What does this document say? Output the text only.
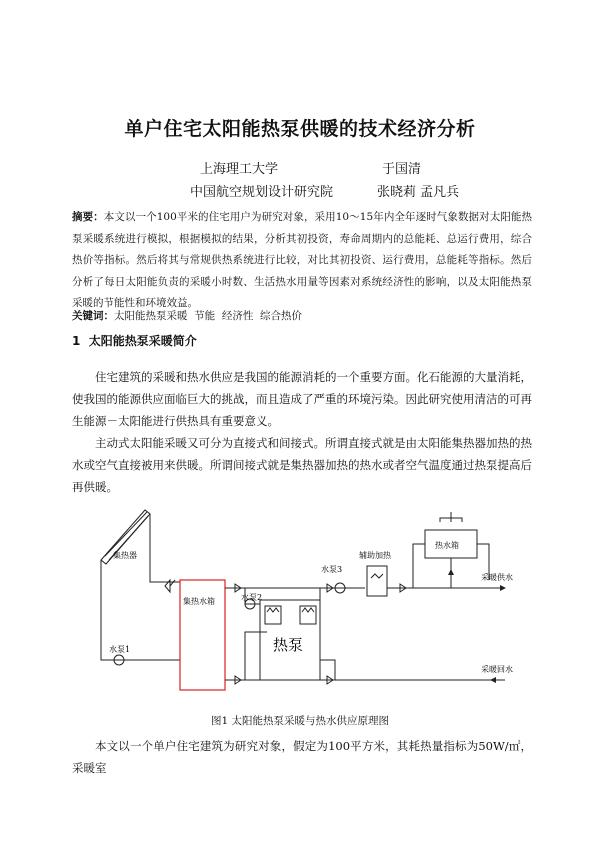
单户住宅太阳能热泵供暖的技术经济分析
上海理工大学	于国清
中国航空规划设计研究院	张晓莉 孟凡兵
摘要：本文以一个100平米的住宅用户为研究对象，采用10～15年内全年逐时气象数据对太阳能热泵采暖系统进行模拟，根据模拟的结果，分析其初投资，寿命周期内的总能耗、总运行费用，综合热价等指标。然后将其与常规供热系统进行比较，对比其初投资、运行费用，总能耗等指标。然后分析了每日太阳能负责的采暖小时数、生活热水用量等因素对系统经济性的影响，以及太阳能热泵采暖的节能性和环境效益。
关键词：太阳能热泵采暖  节能  经济性  综合热价
1 太阳能热泵采暖简介
住宅建筑的采暖和热水供应是我国的能源消耗的一个重要方面。化石能源的大量消耗，使我国的能源供应面临巨大的挑战，而且造成了严重的环境污染。因此研究使用清洁的可再生能源－太阳能进行供热具有重要意义。
主动式太阳能采暖又可分为直接式和间接式。所谓直接式就是由太阳能集热器加热的热水或空气直接被用来供暖。所谓间接式就是集热器加热的热水或者空气温度通过热泵提高后再供暖。
集热器
集热水箱
水泵1
水泵2
水泵3
热泵
辅助加热
热水箱
采暖供水
采暖回水
图1 太阳能热泵采暖与热水供应原理图
本文以一个单户住宅建筑为研究对象，假定为100平方米，其耗热量指标为50W/㎡，采暖室
